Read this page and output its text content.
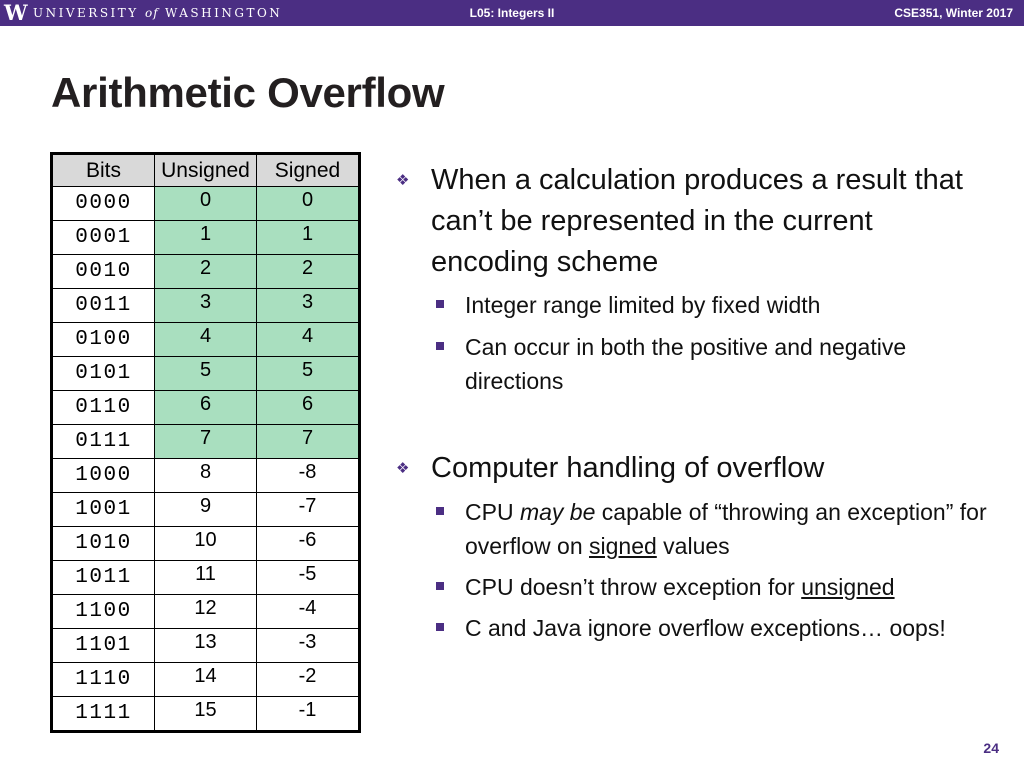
W UNIVERSITY of WASHINGTON	L05: Integers II	CSE351, Winter 2017
Arithmetic Overflow
Bits	Unsigned	Signed
0000	0	0
0001	1	1
0010	2	2
0011	3	3
0100	4	4
0101	5	5
0110	6	6
0111	7	7
1000	8	-8
1001	9	-7
1010	10	-6
1011	11	-5
1100	12	-4
1101	13	-3
1110	14	-2
1111	15	-1
❖ When a calculation produces a result that can’t be represented in the current encoding scheme
Integer range limited by fixed width
Can occur in both the positive and negative directions
❖ Computer handling of overflow
CPU may be capable of “throwing an exception” for overflow on signed values
CPU doesn’t throw exception for unsigned
C and Java ignore overflow exceptions… oops!
24
